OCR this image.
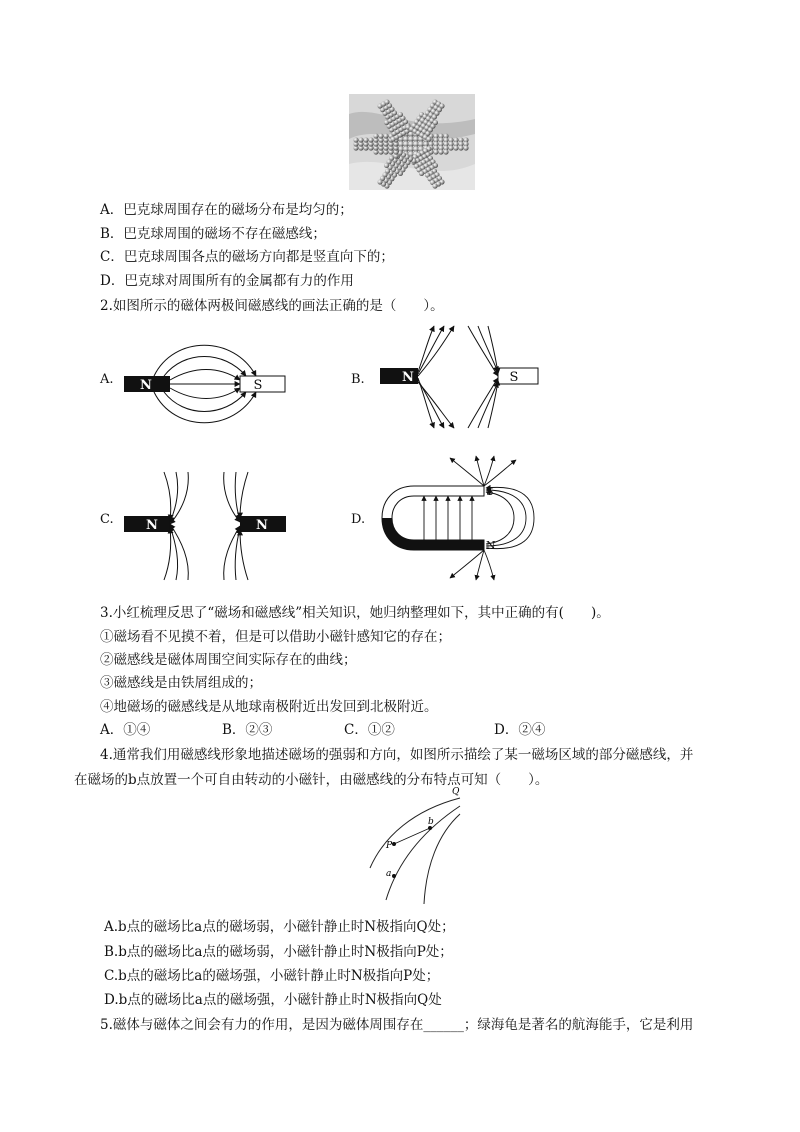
A．巴克球周围存在的磁场分布是均匀的；
B．巴克球周围的磁场不存在磁感线；
C．巴克球周围各点的磁场方向都是竖直向下的；
D．巴克球对周围所有的金属都有力的作用
2.如图所示的磁体两极间磁感线的画法正确的是（　　）。
A.	B.
C.	D.
N	S
N	S
N	N
S
N
3.小红梳理反思了“磁场和磁感线”相关知识，她归纳整理如下，其中正确的有(　　)。
①磁场看不见摸不着，但是可以借助小磁针感知它的存在；
②磁感线是磁体周围空间实际存在的曲线；
③磁感线是由铁屑组成的；
④地磁场的磁感线是从地球南极附近出发回到北极附近。
A．①④	B．②③	C．①②	D．②④
4.通常我们用磁感线形象地描述磁场的强弱和方向，如图所示描绘了某一磁场区域的部分磁感线，并
在磁场的b点放置一个可自由转动的小磁针，由磁感线的分布特点可知（　　）。
Q
b
P
a
A.b点的磁场比a点的磁场弱，小磁针静止时N极指向Q处；
B.b点的磁场比a点的磁场弱，小磁针静止时N极指向P处；
C.b点的磁场比a的磁场强，小磁针静止时N极指向P处；
D.b点的磁场比a点的磁场强，小磁针静止时N极指向Q处
5.磁体与磁体之间会有力的作用，是因为磁体周围存在______；绿海龟是著名的航海能手，它是利用
